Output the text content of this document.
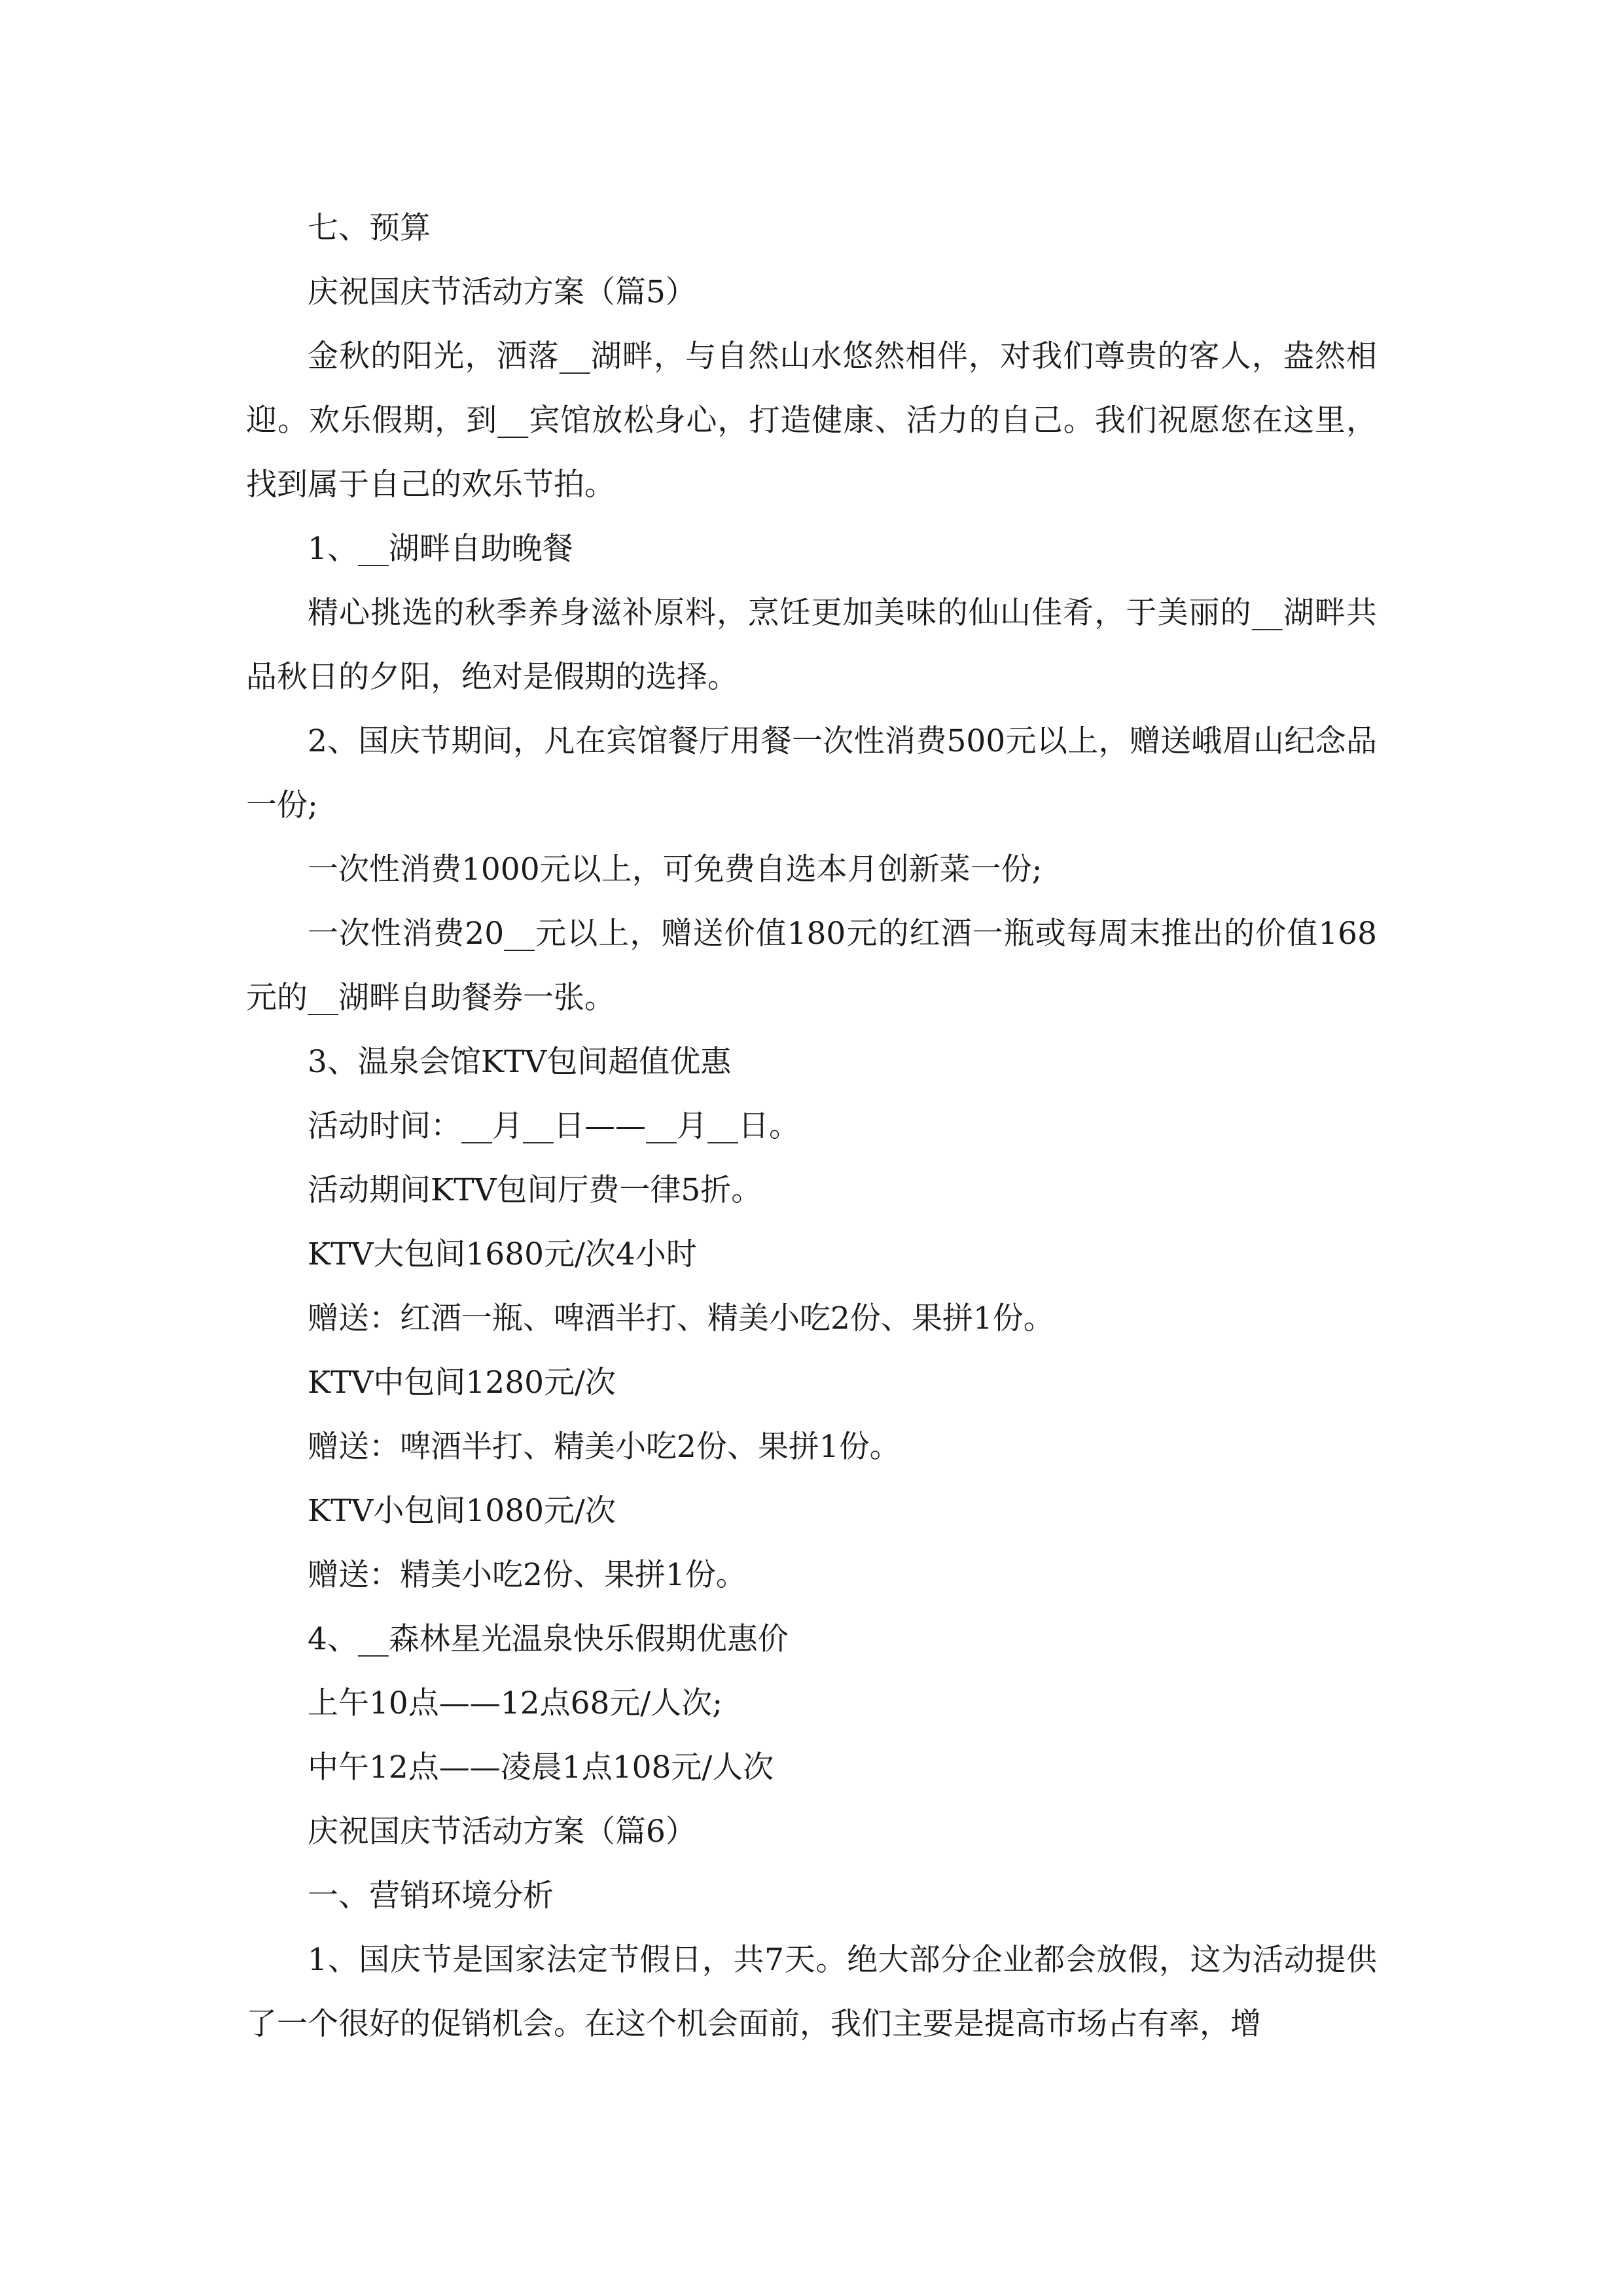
七、预算

庆祝国庆节活动方案（篇5）

金秋的阳光，洒落__湖畔，与自然山水悠然相伴，对我们尊贵的客人，盎然相迎。欢乐假期，到__宾馆放松身心，打造健康、活力的自己。我们祝愿您在这里，找到属于自己的欢乐节拍。

1、__湖畔自助晚餐

精心挑选的秋季养身滋补原料，烹饪更加美味的仙山佳肴，于美丽的__湖畔共品秋日的夕阳，绝对是假期的选择。

2、国庆节期间，凡在宾馆餐厅用餐一次性消费500元以上，赠送峨眉山纪念品一份;

一次性消费1000元以上，可免费自选本月创新菜一份;

一次性消费20__元以上，赠送价值180元的红酒一瓶或每周末推出的价值168元的__湖畔自助餐券一张。

3、温泉会馆KTV包间超值优惠

活动时间：__月__日——__月__日。

活动期间KTV包间厅费一律5折。

KTV大包间1680元/次4小时

赠送：红酒一瓶、啤酒半打、精美小吃2份、果拼1份。

KTV中包间1280元/次

赠送：啤酒半打、精美小吃2份、果拼1份。

KTV小包间1080元/次

赠送：精美小吃2份、果拼1份。

4、__森林星光温泉快乐假期优惠价

上午10点——12点68元/人次;

中午12点——凌晨1点108元/人次

庆祝国庆节活动方案（篇6）

一、营销环境分析

1、国庆节是国家法定节假日，共7天。绝大部分企业都会放假，这为活动提供了一个很好的促销机会。在这个机会面前，我们主要是提高市场占有率，增
